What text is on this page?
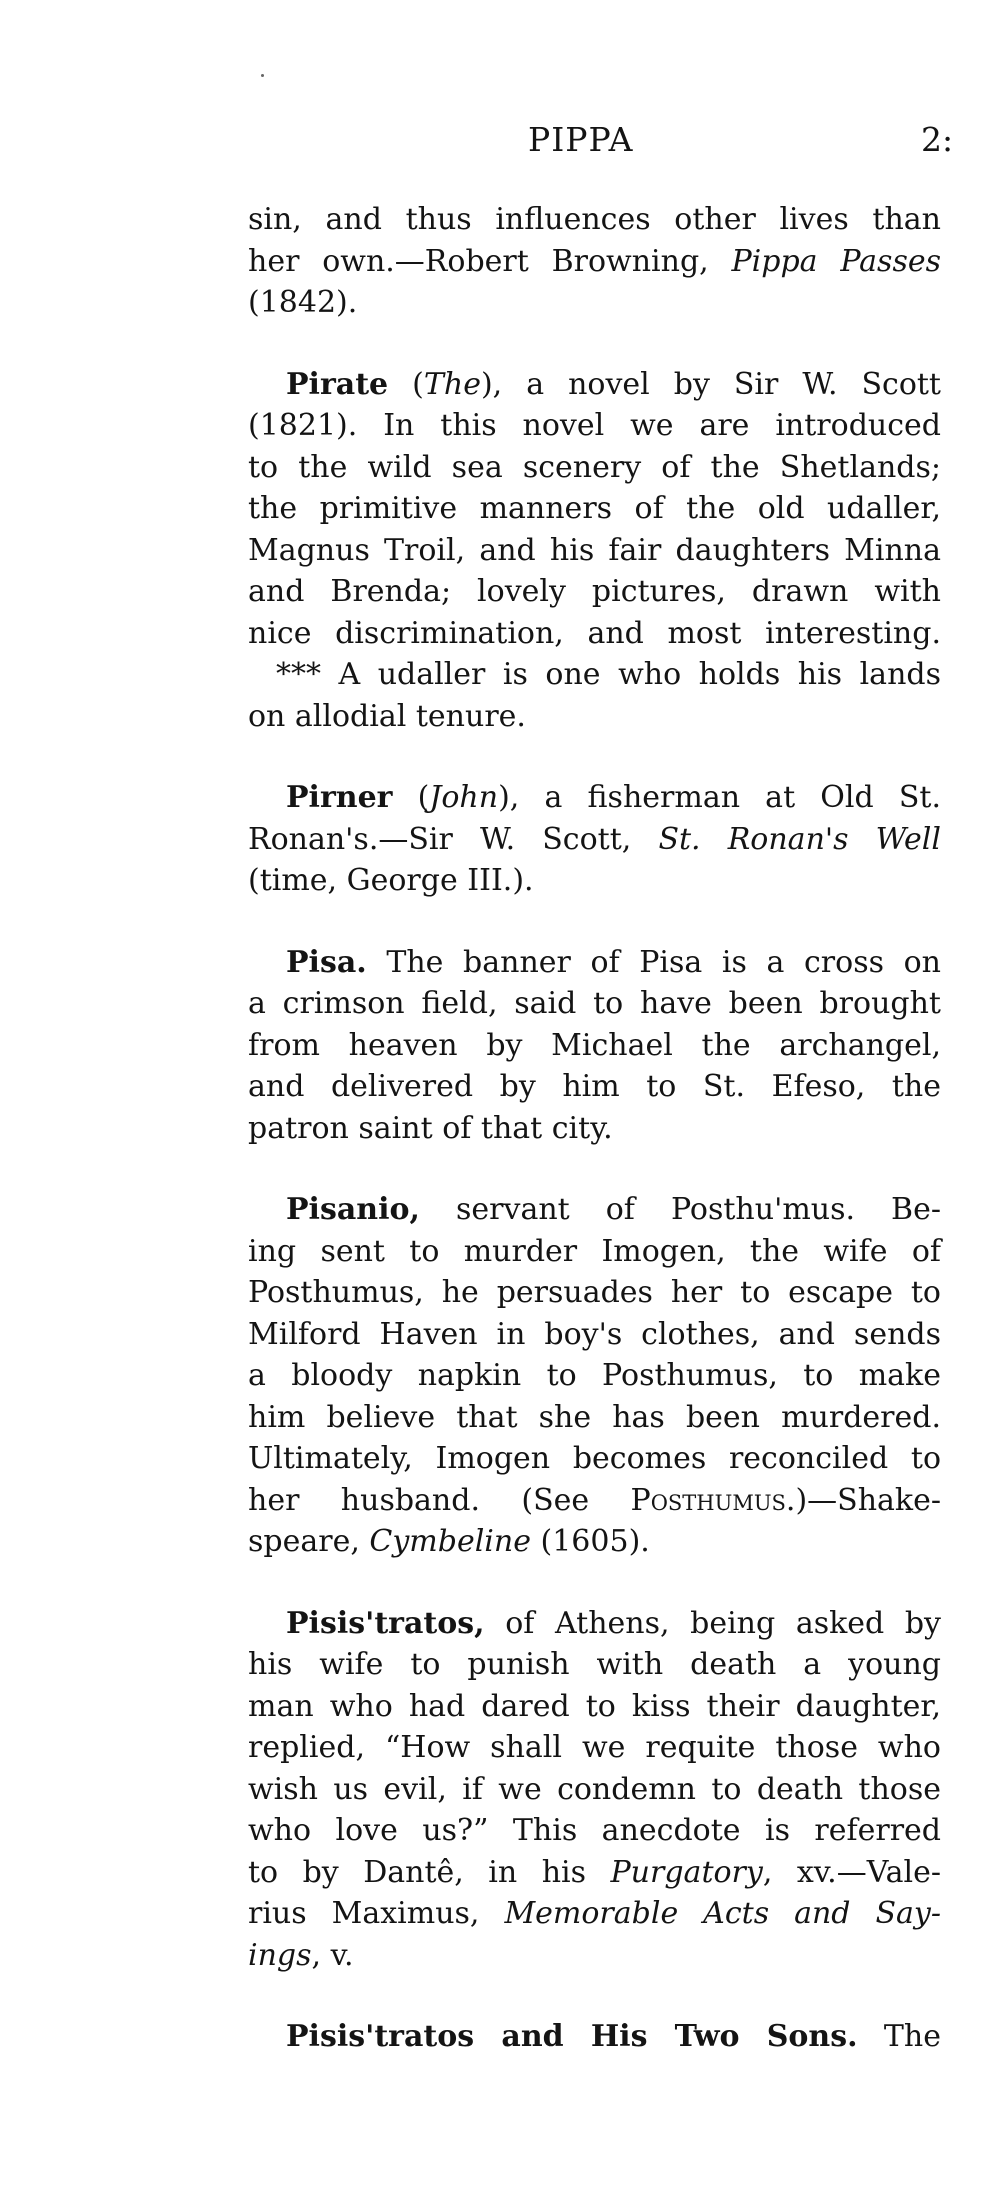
PIPPA	2:

sin, and thus influences other lives than

her own.—Robert Browning, Pippa Passes

(1842).

Pirate (The), a novel by Sir W. Scott

(1821). In this novel we are introduced

to the wild sea scenery of the Shetlands;

the primitive manners of the old udaller,

Magnus Troil, and his fair daughters Minna

and Brenda; lovely pictures, drawn with

nice discrimination, and most interesting.

*** A udaller is one who holds his lands

on allodial tenure.

Pirner (John), a fisherman at Old St.

Ronan's.—Sir W. Scott, St. Ronan's Well

(time, George III.).

Pisa. The banner of Pisa is a cross on

a crimson field, said to have been brought

from heaven by Michael the archangel,

and delivered by him to St. Efeso, the

patron saint of that city.

Pisanio, servant of Posthu'mus. Be-

ing sent to murder Imogen, the wife of

Posthumus, he persuades her to escape to

Milford Haven in boy's clothes, and sends

a bloody napkin to Posthumus, to make

him believe that she has been murdered.

Ultimately, Imogen becomes reconciled to

her husband. (See Posthumus.)—Shake-

speare, Cymbeline (1605).

Pisis'tratos, of Athens, being asked by

his wife to punish with death a young

man who had dared to kiss their daughter,

replied, “How shall we requite those who

wish us evil, if we condemn to death those

who love us?” This anecdote is referred

to by Dantê, in his Purgatory, xv.—Vale-

rius Maximus, Memorable Acts and Say-

ings, v.

Pisis'tratos and His Two Sons. The
